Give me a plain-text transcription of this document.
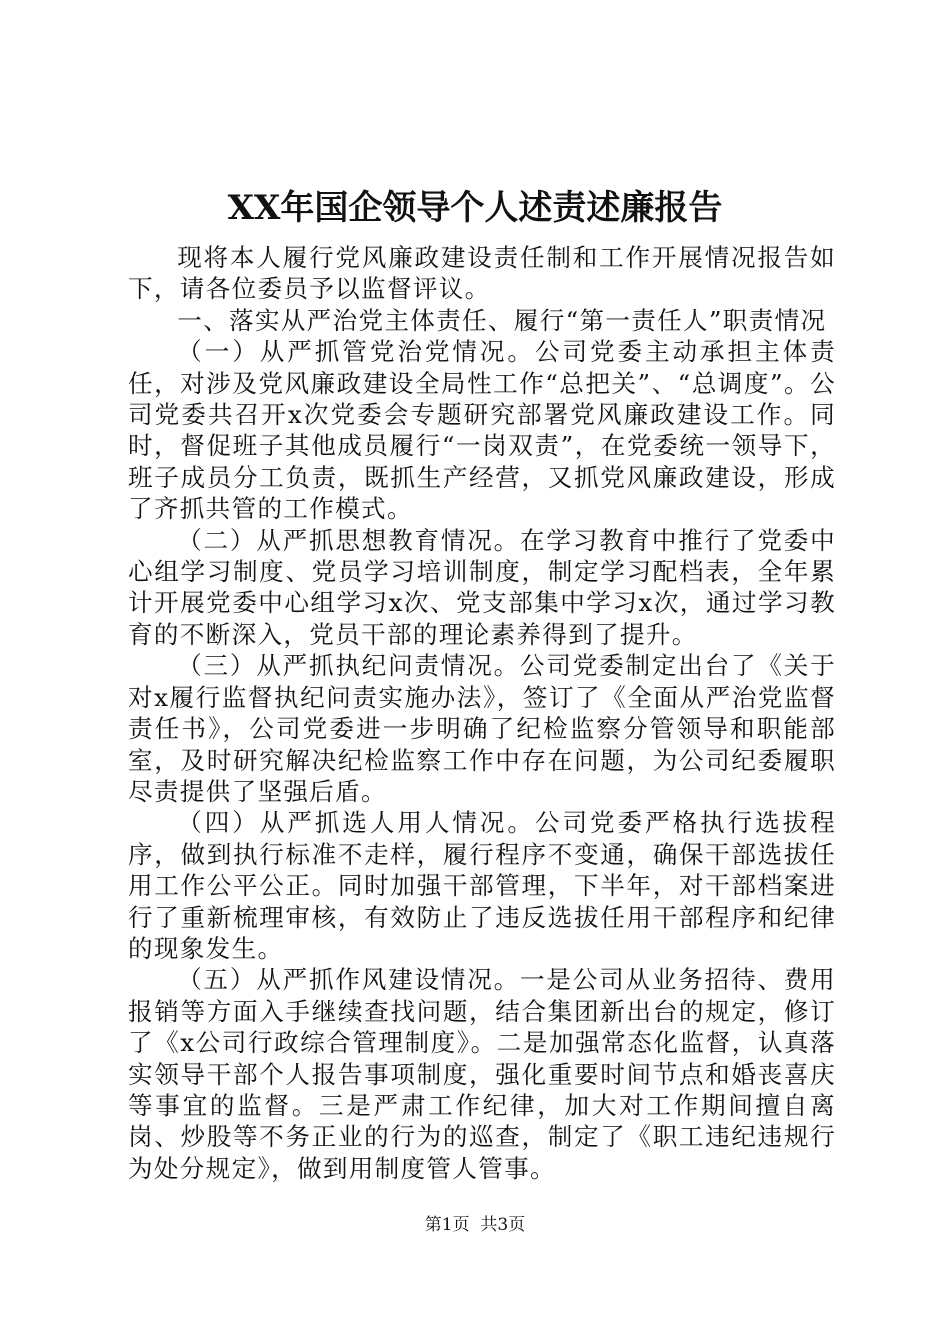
XX年国企领导个人述责述廉报告

现将本人履行党风廉政建设责任制和工作开展情况报告如下，请各位委员予以监督评议。

一、落实从严治党主体责任、履行“第一责任人”职责情况

（一）从严抓管党治党情况。公司党委主动承担主体责任，对涉及党风廉政建设全局性工作“总把关”、“总调度”。公司党委共召开x次党委会专题研究部署党风廉政建设工作。同时，督促班子其他成员履行“一岗双责”，在党委统一领导下，班子成员分工负责，既抓生产经营，又抓党风廉政建设，形成了齐抓共管的工作模式。

（二）从严抓思想教育情况。在学习教育中推行了党委中心组学习制度、党员学习培训制度，制定学习配档表，全年累计开展党委中心组学习x次、党支部集中学习x次，通过学习教育的不断深入，党员干部的理论素养得到了提升。

（三）从严抓执纪问责情况。公司党委制定出台了《关于对x履行监督执纪问责实施办法》，签订了《全面从严治党监督责任书》，公司党委进一步明确了纪检监察分管领导和职能部室，及时研究解决纪检监察工作中存在问题，为公司纪委履职尽责提供了坚强后盾。

（四）从严抓选人用人情况。公司党委严格执行选拔程序，做到执行标准不走样，履行程序不变通，确保干部选拔任用工作公平公正。同时加强干部管理，下半年，对干部档案进行了重新梳理审核，有效防止了违反选拔任用干部程序和纪律的现象发生。

（五）从严抓作风建设情况。一是公司从业务招待、费用报销等方面入手继续查找问题，结合集团新出台的规定，修订了《x公司行政综合管理制度》。二是加强常态化监督，认真落实领导干部个人报告事项制度，强化重要时间节点和婚丧喜庆等事宜的监督。三是严肃工作纪律，加大对工作期间擅自离岗、炒股等不务正业的行为的巡查，制定了《职工违纪违规行为处分规定》，做到用制度管人管事。

第1页  共3页
